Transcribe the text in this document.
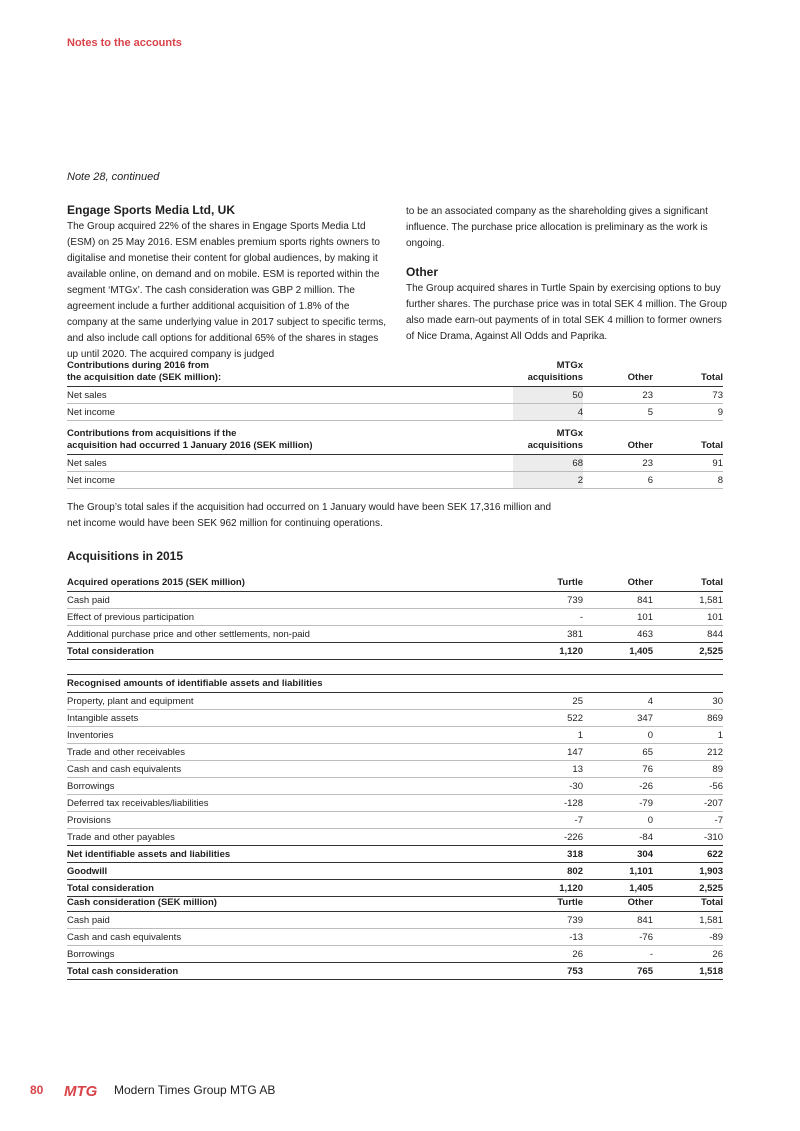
Notes to the accounts
Note 28, continued
Engage Sports Media Ltd, UK

The Group acquired 22% of the shares in Engage Sports Media Ltd (ESM) on 25 May 2016. ESM enables premium sports rights owners to digitalise and monetise their content for global audiences, by making it available online, on demand and on mobile. ESM is reported within the segment ‘MTGx’. The cash consideration was GBP 2 million. The agreement include a further additional acquisition of 1.8% of the company at the same underlying value in 2017 subject to specific terms, and also include call options for additional 65% of the shares in stages up until 2020. The acquired company is judged

to be an associated company as the shareholding gives a significant influence. The purchase price allocation is preliminary as the work is ongoing.

Other

The Group acquired shares in Turtle Spain by exercising options to buy further shares. The purchase price was in total SEK 4 million. The Group also made earn-out payments of in total SEK 4 million to former owners of Nice Drama, Against All Odds and Paprika.

Contributions during 2016 from
the acquisition date (SEK million):	MTGx
acquisitions	Other	Total
Net sales	50	23	73
Net income	4	5	9
Contributions from acquisitions if the
acquisition had occurred 1 January 2016 (SEK million)	MTGx
acquisitions	Other	Total
Net sales	68	23	91
Net income	2	6	8
The Group’s total sales if the acquisition had occurred on 1 January would have been SEK 17,316 million and net income would have been SEK 962 million for continuing operations.
Acquisitions in 2015
Acquired operations 2015 (SEK million)	Turtle	Other	Total
Cash paid	739	841	1,581
Effect of previous participation	-	101	101
Additional purchase price and other settlements, non-paid	381	463	844
Total consideration	1,120	1,405	2,525

Recognised amounts of identifiable assets and liabilities			
Property, plant and equipment	25	4	30
Intangible assets	522	347	869
Inventories	1	0	1
Trade and other receivables	147	65	212
Cash and cash equivalents	13	76	89
Borrowings	-30	-26	-56
Deferred tax receivables/liabilities	-128	-79	-207
Provisions	-7	0	-7
Trade and other payables	-226	-84	-310
Net identifiable assets and liabilities	318	304	622
Goodwill	802	1,101	1,903
Total consideration	1,120	1,405	2,525
Cash consideration (SEK million)	Turtle	Other	Total
Cash paid	739	841	1,581
Cash and cash equivalents	-13	-76	-89
Borrowings	26	-	26
Total cash consideration	753	765	1,518
80	MTG Modern Times Group MTG AB
